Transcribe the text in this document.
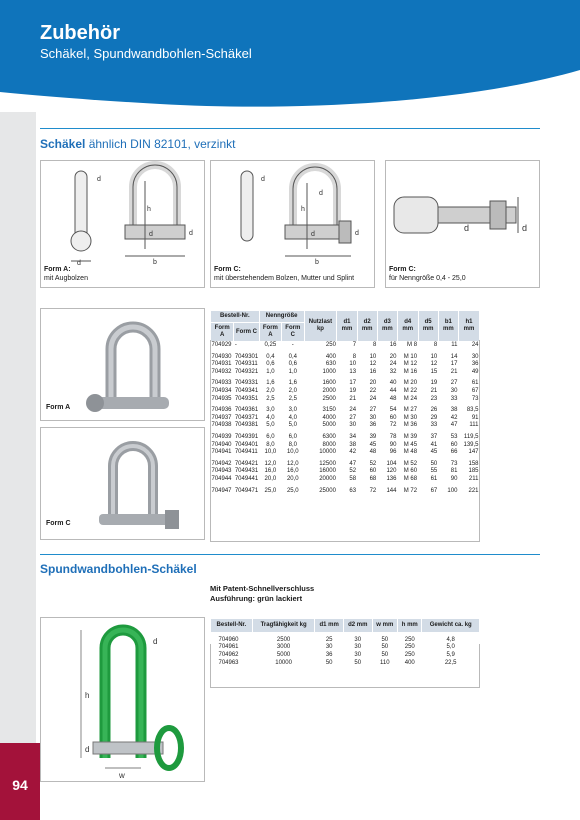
Zubehör
Schäkel, Spundwandbohlen-Schäkel
Schäkel ähnlich DIN 82101, verzinkt
d
h
d	d
b
d
Form A:
mit Augbolzen
d
d
h
d	d
b
Form C:
mit überstehendem Bolzen, Mutter und Splint
d	d
Form C:
für Nenngröße 0,4 - 25,0
Form A
Form C
Bestell-Nr.		Nenngröße		Nutzlast kp	d1 mm	d2 mm	d3 mm	d4 mm	d5 mm	b1 mm	h1 mm
Form A	Form C	Form A	Form C								
704929	-	0,25	-	250	7	8	16	M 8	8	11	24

704930	7049301	0,4	0,4	400	8	10	20	M 10	10	14	30
704931	7049311	0,6	0,6	630	10	12	24	M 12	12	17	36
704932	7049321	1,0	1,0	1000	13	16	32	M 16	15	21	49

704933	7049331	1,6	1,6	1600	17	20	40	M 20	19	27	61
704934	7049341	2,0	2,0	2000	19	22	44	M 22	21	30	67
704935	7049351	2,5	2,5	2500	21	24	48	M 24	23	33	73

704936	7049361	3,0	3,0	3150	24	27	54	M 27	26	38	83,5
704937	7049371	4,0	4,0	4000	27	30	60	M 30	29	42	91
704938	7049381	5,0	5,0	5000	30	36	72	M 36	33	47	111

704939	7049391	6,0	6,0	6300	34	39	78	M 39	37	53	119,5
704940	7049401	8,0	8,0	8000	38	45	90	M 45	41	60	139,5
704941	7049411	10,0	10,0	10000	42	48	96	M 48	45	66	147

704942	7049421	12,0	12,0	12500	47	52	104	M 52	50	73	158
704943	7049431	16,0	16,0	16000	52	60	120	M 60	55	81	185
704944	7049441	20,0	20,0	20000	58	68	136	M 68	61	90	211

704947	7049471	25,0	25,0	25000	63	72	144	M 72	67	100	221
Spundwandbohlen-Schäkel
Mit Patent-Schnellverschluss
Ausführung: grün lackiert
h
d
d
w
Bestell-Nr.	Tragfähigkeit kg	d1 mm	d2 mm	w mm	h mm	Gewicht ca. kg

704960	2500	25	30	50	250	4,8
704961	3000	30	30	50	250	5,0
704962	5000	36	30	50	250	5,9
704963	10000	50	50	110	400	22,5
94
